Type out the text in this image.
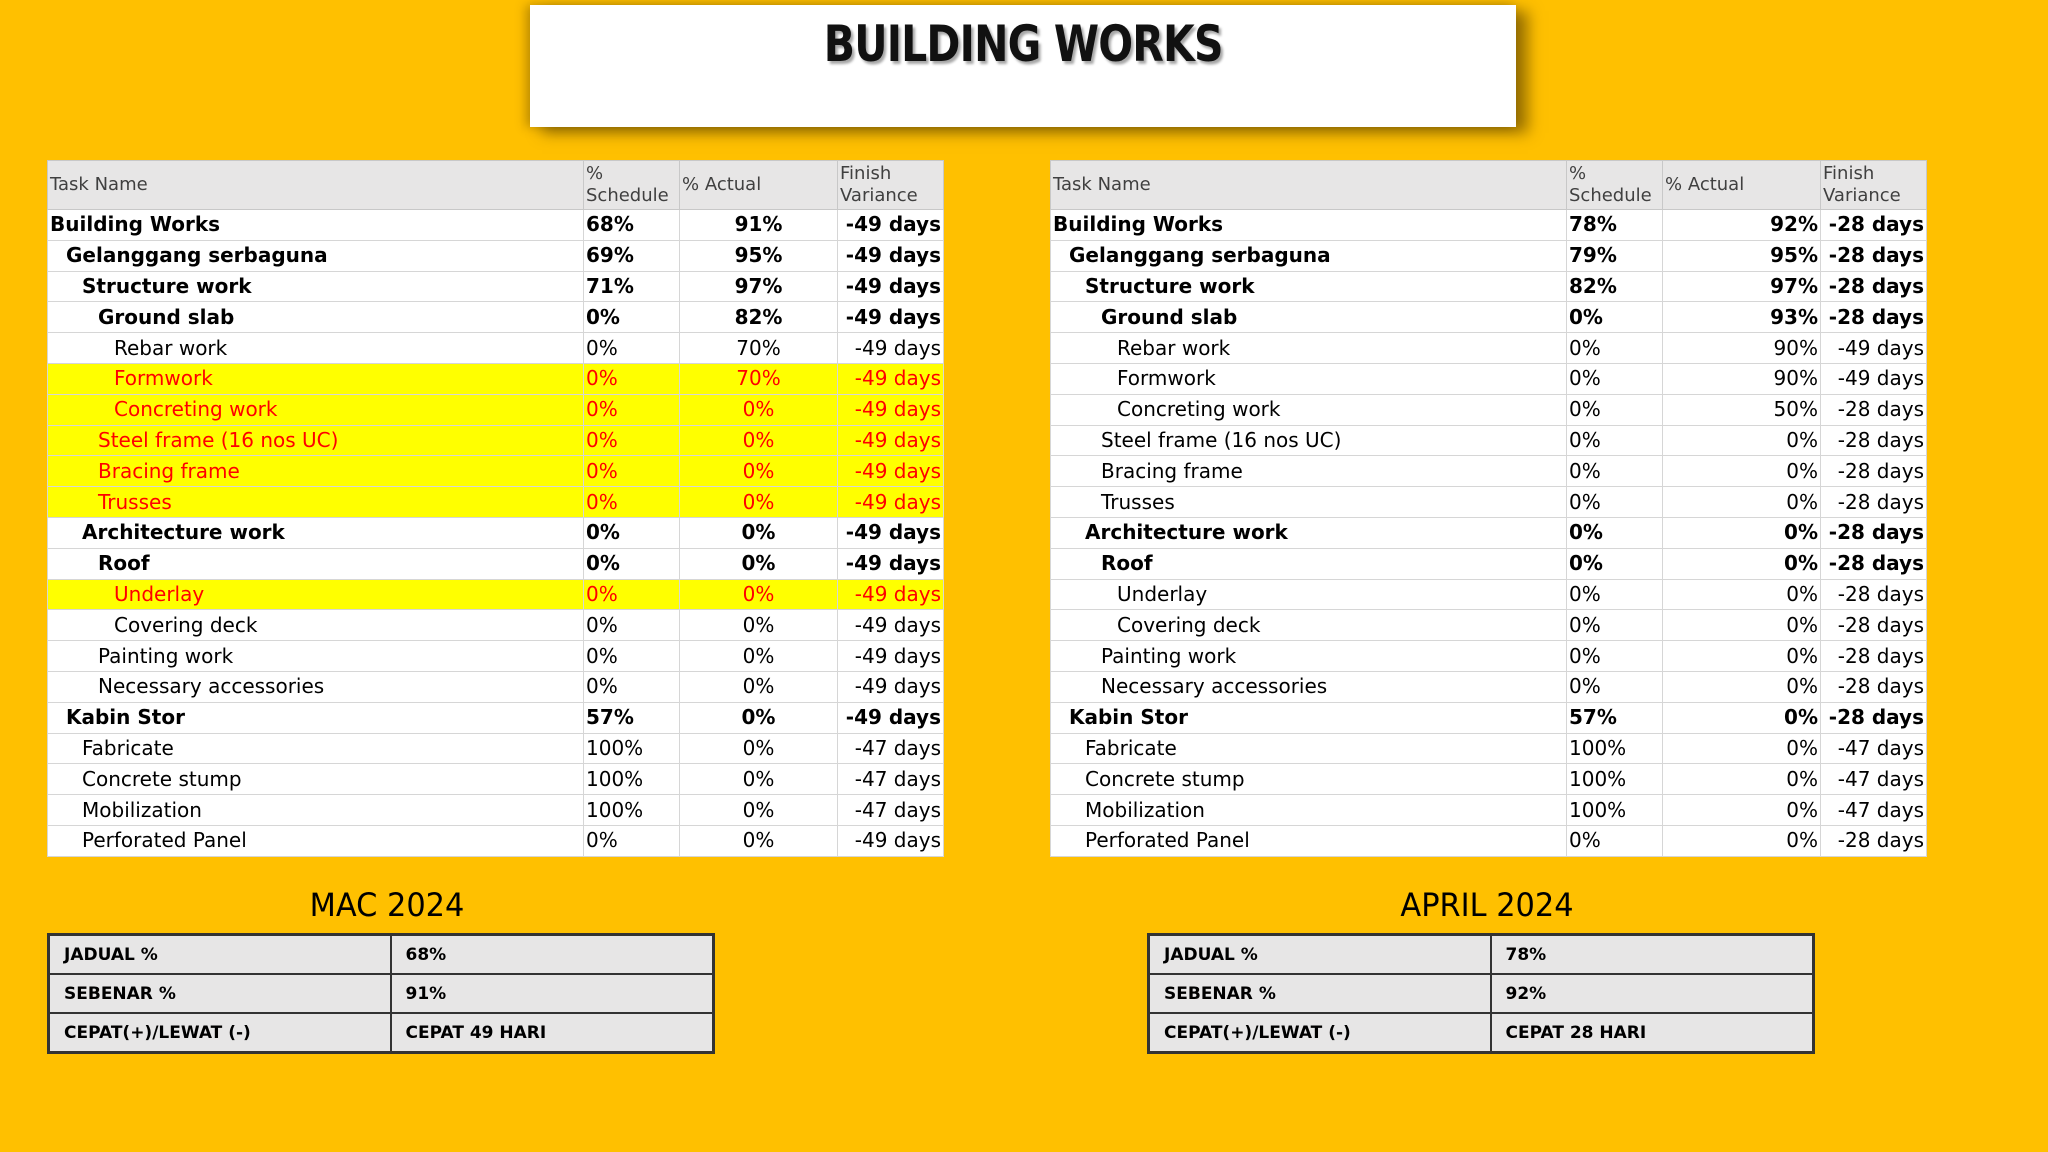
BUILDING WORKS
Task Name	% Schedule	% Actual	Finish Variance
Building Works	68%	91%	-49 days
Gelanggang serbaguna	69%	95%	-49 days
Structure work	71%	97%	-49 days
Ground slab	0%	82%	-49 days
Rebar work	0%	70%	-49 days
Formwork	0%	70%	-49 days
Concreting work	0%	0%	-49 days
Steel frame (16 nos UC)	0%	0%	-49 days
Bracing frame	0%	0%	-49 days
Trusses	0%	0%	-49 days
Architecture work	0%	0%	-49 days
Roof	0%	0%	-49 days
Underlay	0%	0%	-49 days
Covering deck	0%	0%	-49 days
Painting work	0%	0%	-49 days
Necessary accessories	0%	0%	-49 days
Kabin Stor	57%	0%	-49 days
Fabricate	100%	0%	-47 days
Concrete stump	100%	0%	-47 days
Mobilization	100%	0%	-47 days
Perforated Panel	0%	0%	-49 days
Task Name	% Schedule	% Actual	Finish Variance
Building Works	78%	92%	-28 days
Gelanggang serbaguna	79%	95%	-28 days
Structure work	82%	97%	-28 days
Ground slab	0%	93%	-28 days
Rebar work	0%	90%	-49 days
Formwork	0%	90%	-49 days
Concreting work	0%	50%	-28 days
Steel frame (16 nos UC)	0%	0%	-28 days
Bracing frame	0%	0%	-28 days
Trusses	0%	0%	-28 days
Architecture work	0%	0%	-28 days
Roof	0%	0%	-28 days
Underlay	0%	0%	-28 days
Covering deck	0%	0%	-28 days
Painting work	0%	0%	-28 days
Necessary accessories	0%	0%	-28 days
Kabin Stor	57%	0%	-28 days
Fabricate	100%	0%	-47 days
Concrete stump	100%	0%	-47 days
Mobilization	100%	0%	-47 days
Perforated Panel	0%	0%	-28 days
MAC 2024	APRIL 2024
JADUAL %	68%
SEBENAR %	91%
CEPAT(+)/LEWAT (-)	CEPAT 49 HARI
JADUAL %	78%
SEBENAR %	92%
CEPAT(+)/LEWAT (-)	CEPAT 28 HARI
